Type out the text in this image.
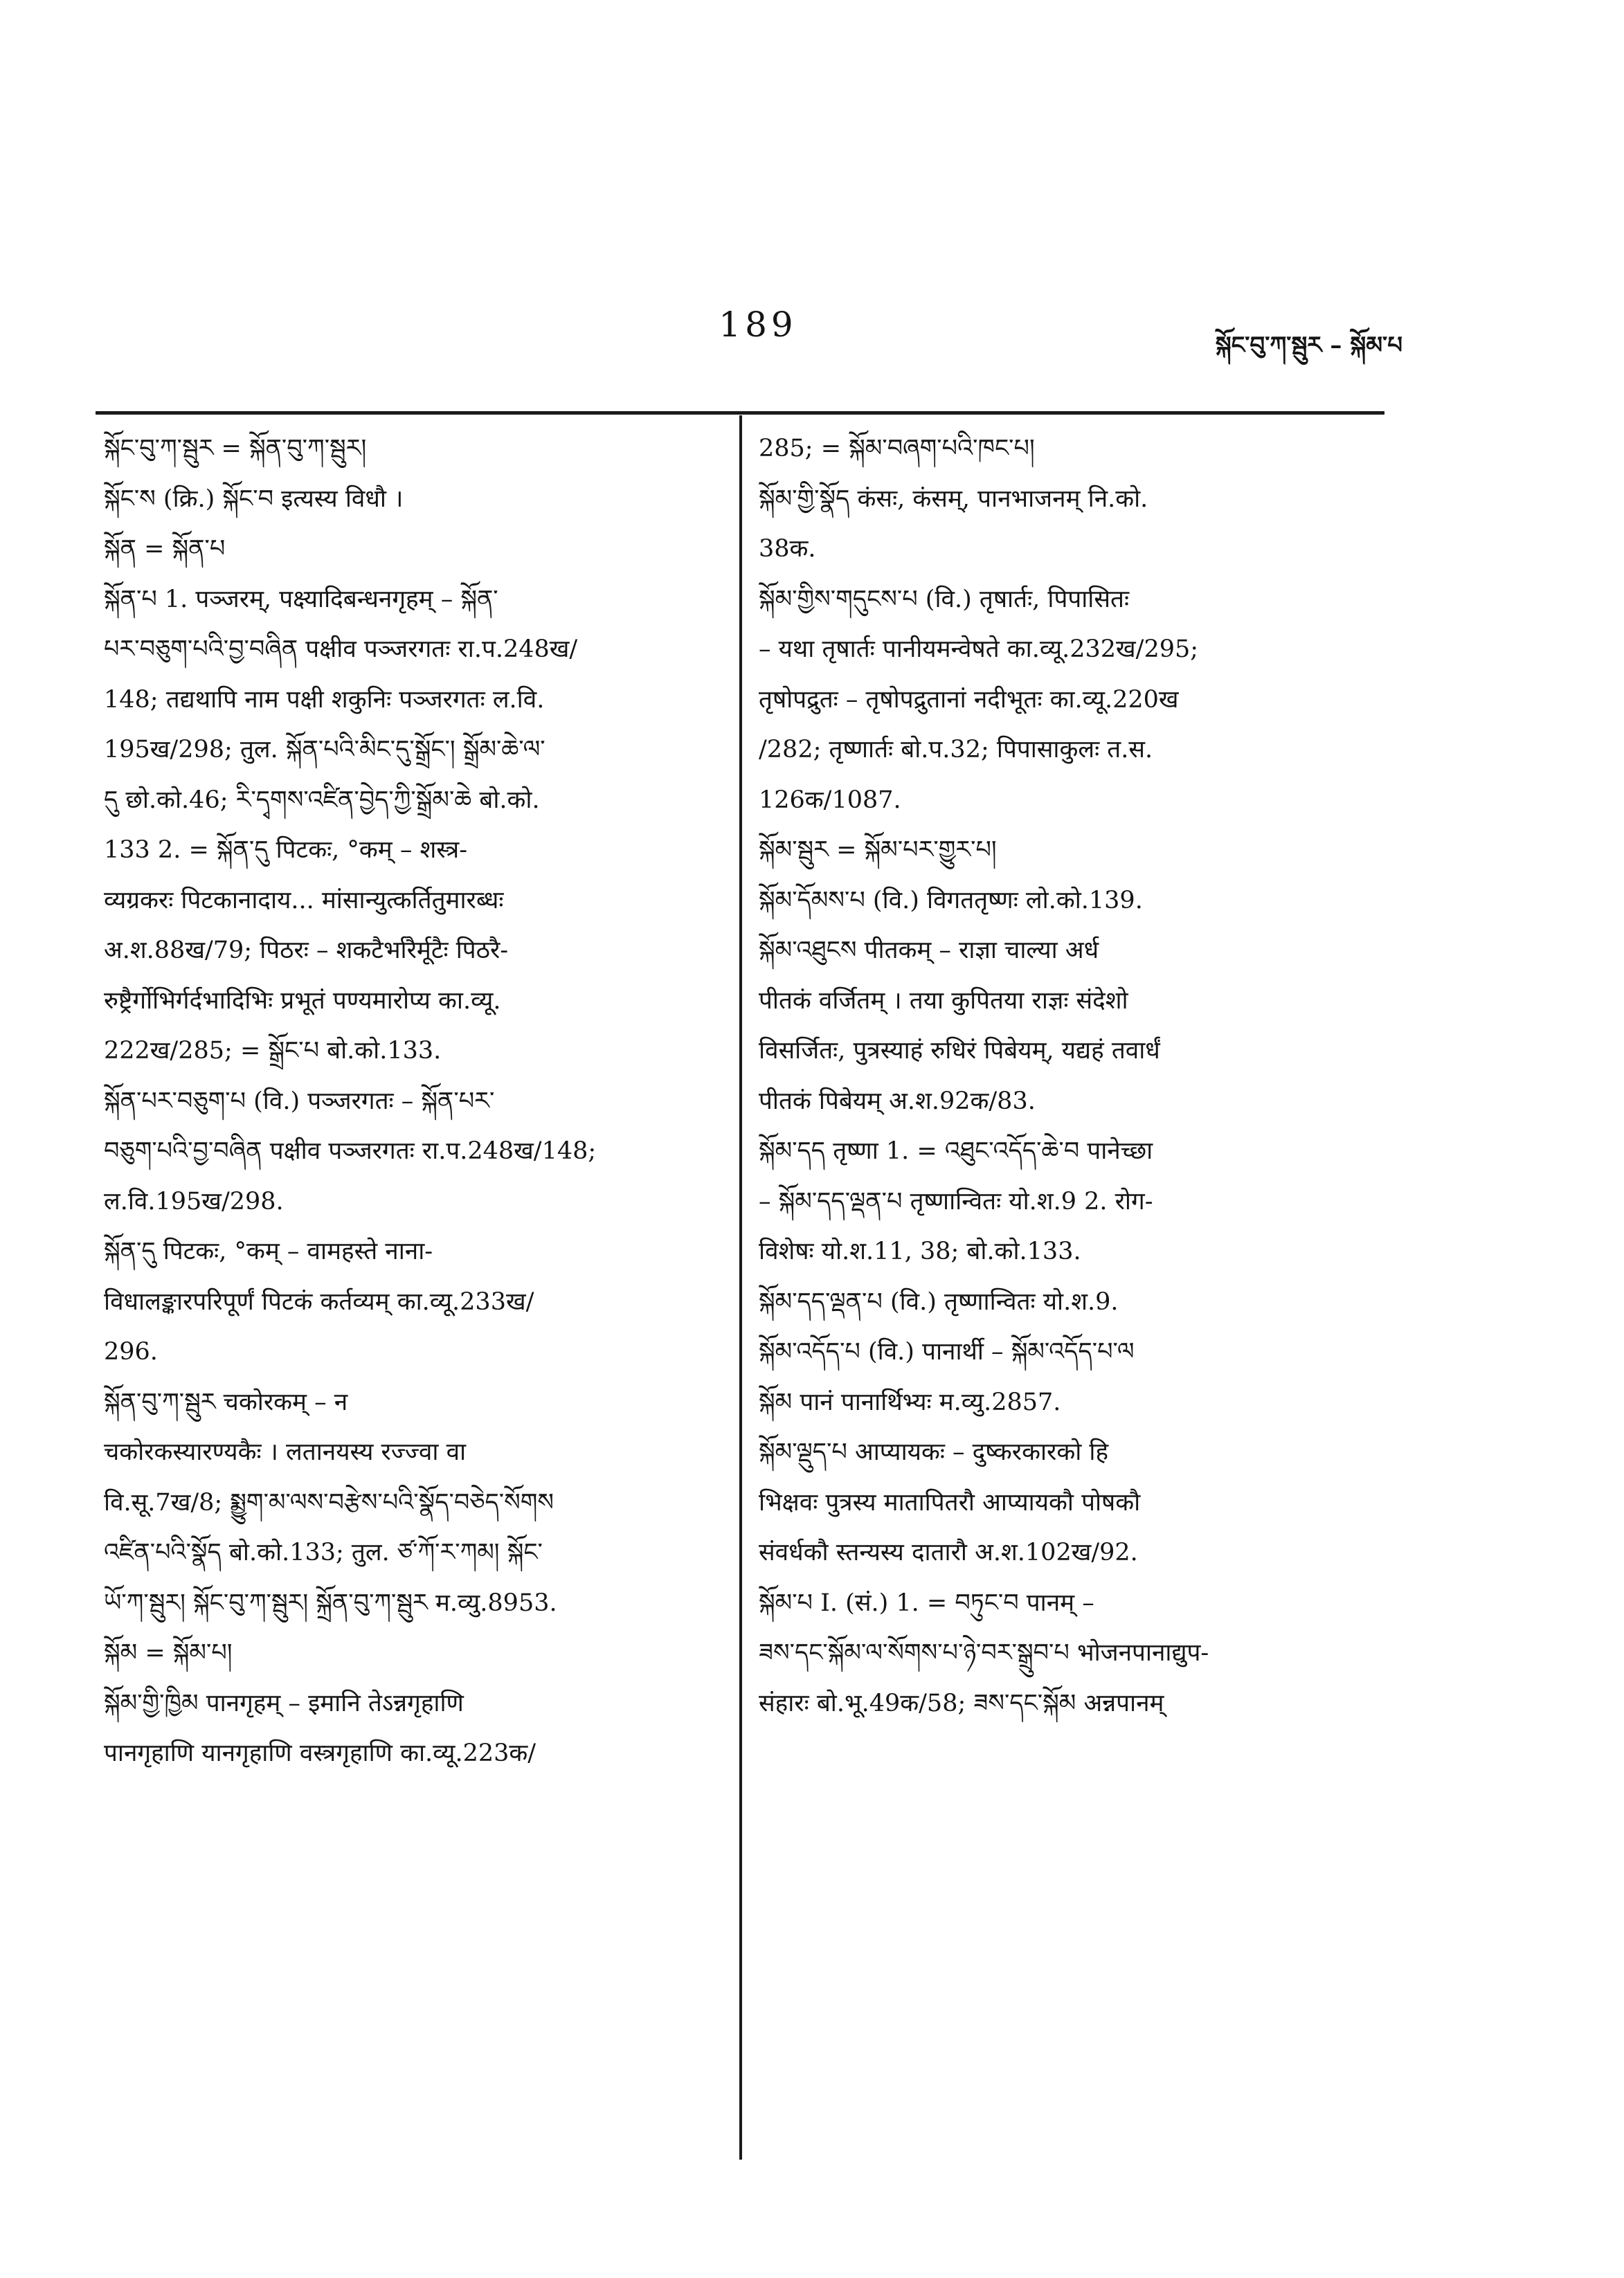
189
སྐོང་བུ་ཀ་སྦུར – སྐོམ་པ
སྐོང་བུ་ཀ་སྦུར = སྐོན་བུ་ཀ་སྦུར།
སྐོང་ས (क्रि.) སྐོང་བ इत्यस्य विधौ ।
སྐོན = སྐོན་པ
སྐོན་པ 1. पञ्जरम्, पक्ष्यादिबन्धनगृहम् – སྐོན་
པར་བཅུག་པའི་བྱ་བཞིན पक्षीव पञ्जरगतः रा.प.248ख/
148; तद्यथापि नाम पक्षी शकुनिः पञ्जरगतः ल.वि.
195ख/298; तुल. སྐོན་པའི་མིང་དུ་སྒྲོང་། སྒྲོམ་ཆེ་ལ་
དུ छो.को.46; རི་དྭགས་འཛིན་བྱེད་ཀྱི་སྒྲོམ་ཆེ बो.को.
133 2. = སྐོན་དུ पिटकः, °कम् – शस्त्र-
व्यग्रकरः पिटकानादाय... मांसान्युत्कर्तितुमारब्धः
अ.श.88ख/79; पिठरः – शकटैर्भारैर्मूटैः पिठरै-
रुष्ट्रैर्गोभिर्गर्दभादिभिः प्रभूतं पण्यमारोप्य का.व्यू.
222ख/285; = སྒྲོང་པ बो.को.133.
སྐོན་པར་བཅུག་པ (वि.) पञ्जरगतः – སྐོན་པར་
བཅུག་པའི་བྱ་བཞིན पक्षीव पञ्जरगतः रा.प.248ख/148;
ल.वि.195ख/298.
སྐོན་དུ पिटकः, °कम् – वामहस्ते नाना-
विधालङ्कारपरिपूर्णं पिटकं कर्तव्यम् का.व्यू.233ख/
296.
སྐོན་བུ་ཀ་སྦུར चकोरकम् – न
चकोरकस्यारण्यकैः । लतानयस्य रज्ज्वा वा
वि.सू.7ख/8; སྨྱུག་མ་ལས་བརྩེས་པའི་སྣོད་བཅེད་སོགས
འཛིན་པའི་སྣོད बो.को.133; तुल. ཙ་ཀོ་ར་ཀམ། སྐོང་
ཡོ་ཀ་སྦུར། སྐོང་བུ་ཀ་སྦུར། སྐྲོན་བུ་ཀ་སྦུར म.व्यु.8953.
སྐོམ = སྐོམ་པ།
སྐོམ་གྱི་ཁྱིམ पानगृहम् – इमानि तेऽन्नगृहाणि
पानगृहाणि यानगृहाणि वस्त्रगृहाणि का.व्यू.223क/
285; = སྐོམ་བཞག་པའི་ཁང་པ།
སྐོམ་གྱི་སྣོད कंसः, कंसम्, पानभाजनम् नि.को.
38क.
སྐོམ་གྱིས་གདུངས་པ (वि.) तृषार्तः, पिपासितः
– यथा तृषार्तः पानीयमन्वेषते का.व्यू.232ख/295;
तृषोपद्रुतः – तृषोपद्रुतानां नदीभूतः का.व्यू.220ख
/282; तृष्णार्तः बो.प.32; पिपासाकुलः त.स.
126क/1087.
སྐོམ་སྦུར = སྐོམ་པར་གྱུར་པ།
སྐོམ་དོམས་པ (वि.) विगततृष्णः लो.को.139.
སྐོམ་འཐུངས पीतकम् – राज्ञा चाल्या अर्ध
पीतकं वर्जितम् । तया कुपितया राज्ञः संदेशो
विसर्जितः, पुत्रस्याहं रुधिरं पिबेयम्, यद्यहं तवार्धं
पीतकं पिबेयम् अ.श.92क/83.
སྐོམ་དད तृष्णा 1. = འཐུང་འདོད་ཆེ་བ पानेच्छा
– སྐོམ་དད་ལྡན་པ तृष्णान्वितः यो.श.9 2. रोग-
विशेषः यो.श.11, 38; बो.को.133.
སྐོམ་དད་ལྡན་པ (वि.) तृष्णान्वितः यो.श.9.
སྐོམ་འདོད་པ (वि.) पानार्थी – སྐོམ་འདོད་པ་ལ
སྐོམ पानं पानार्थिभ्यः म.व्यु.2857.
སྐོམ་ལྡུད་པ आप्यायकः – दुष्करकारको हि
भिक्षवः पुत्रस्य मातापितरौ आप्यायकौ पोषकौ
संवर्धकौ स्तन्यस्य दातारौ अ.श.102ख/92.
སྐོམ་པ I. (सं.) 1. = བཏུང་བ पानम् –
ཟས་དང་སྐོམ་ལ་སོགས་པ་ཉེ་བར་སྒྲུབ་པ भोजनपानाद्युप-
संहारः बो.भू.49क/58; ཟས་དང་སྐོམ अन्नपानम्
